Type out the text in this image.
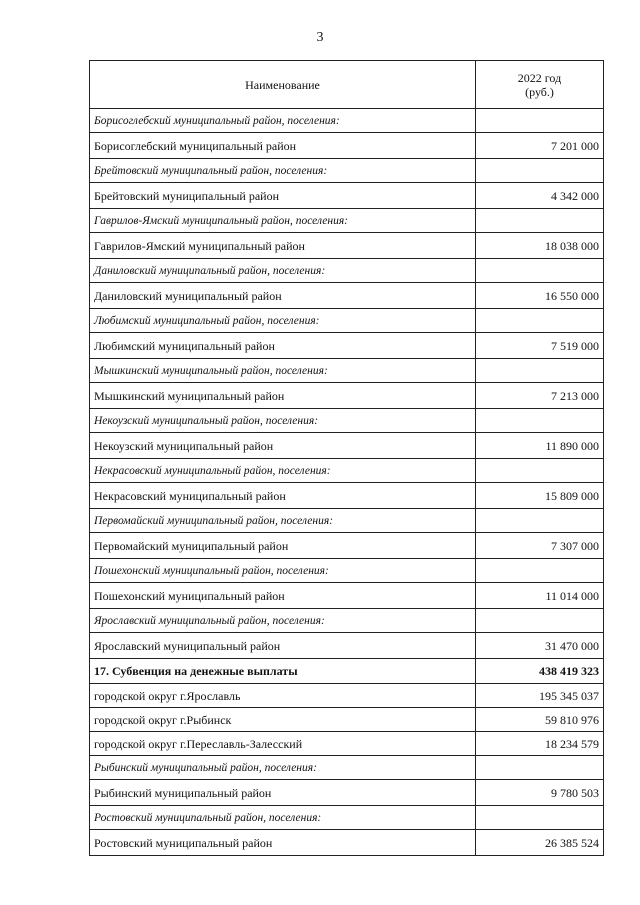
3
Наименование	2022 год
(руб.)

Борисоглебский муниципальный район, поселения:	
Борисоглебский муниципальный район	7 201 000
Брейтовский муниципальный район, поселения:	
Брейтовский муниципальный район	4 342 000
Гаврилов-Ямский муниципальный район, поселения:	
Гаврилов-Ямский муниципальный район	18 038 000
Даниловский муниципальный район, поселения:	
Даниловский муниципальный район	16 550 000
Любимский муниципальный район, поселения:	
Любимский муниципальный район	7 519 000
Мышкинский муниципальный район, поселения:	
Мышкинский муниципальный район	7 213 000
Некоузский муниципальный район, поселения:	
Некоузский муниципальный район	11 890 000
Некрасовский муниципальный район, поселения:	
Некрасовский муниципальный район	15 809 000
Первомайский муниципальный район, поселения:	
Первомайский муниципальный район	7 307 000
Пошехонский муниципальный район, поселения:	
Пошехонский муниципальный район	11 014 000
Ярославский муниципальный район, поселения:	
Ярославский муниципальный район	31 470 000
17. Субвенция на денежные выплаты	438 419 323
городской округ г.Ярославль	195 345 037
городской округ г.Рыбинск	59 810 976
городской округ г.Переславль-Залесский	18 234 579
Рыбинский муниципальный район, поселения:	
Рыбинский муниципальный район	9 780 503
Ростовский муниципальный район, поселения:	
Ростовский муниципальный район	26 385 524
